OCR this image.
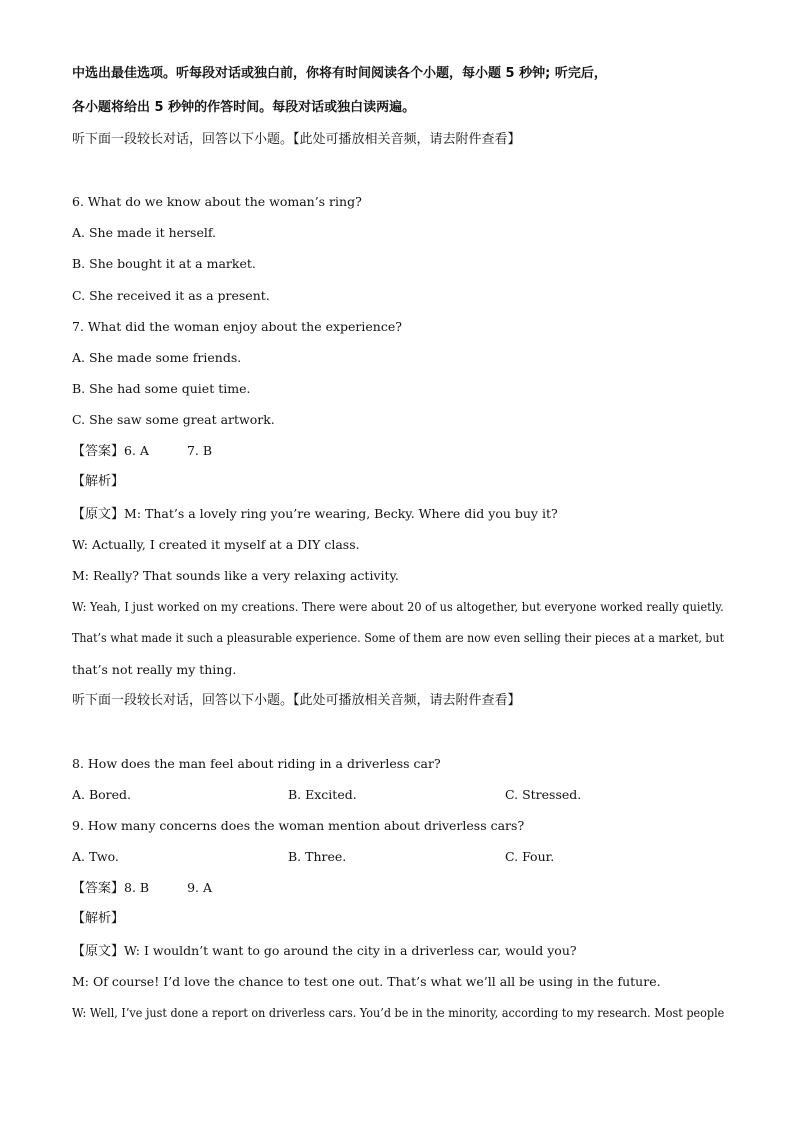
中选出最佳选项。听每段对话或独白前，你将有时间阅读各个小题，每小题 5 秒钟; 听完后，
各小题将给出 5 秒钟的作答时间。每段对话或独白读两遍。
听下面一段较长对话，回答以下小题。【此处可播放相关音频，请去附件查看】
6. What do we know about the woman’s ring?
A. She made it herself.
B. She bought it at a market.
C. She received it as a present.
7. What did the woman enjoy about the experience?
A. She made some friends.
B. She had some quiet time.
C. She saw some great artwork.
【答案】6. A	7. B
【解析】
【原文】M: That’s a lovely ring you’re wearing, Becky. Where did you buy it?
W: Actually, I created it myself at a DIY class.
M: Really? That sounds like a very relaxing activity.
W: Yeah, I just worked on my creations. There were about 20 of us altogether, but everyone worked really quietly.
That’s what made it such a pleasurable experience. Some of them are now even selling their pieces at a market, but
that’s not really my thing.
听下面一段较长对话，回答以下小题。【此处可播放相关音频，请去附件查看】
8. How does the man feel about riding in a driverless car?
A. Bored.	B. Excited.	C. Stressed.
9. How many concerns does the woman mention about driverless cars?
A. Two.	B. Three.	C. Four.
【答案】8. B	9. A
【解析】
【原文】W: I wouldn’t want to go around the city in a driverless car, would you?
M: Of course! I’d love the chance to test one out. That’s what we’ll all be using in the future.
W: Well, I’ve just done a report on driverless cars. You’d be in the minority, according to my research. Most people
